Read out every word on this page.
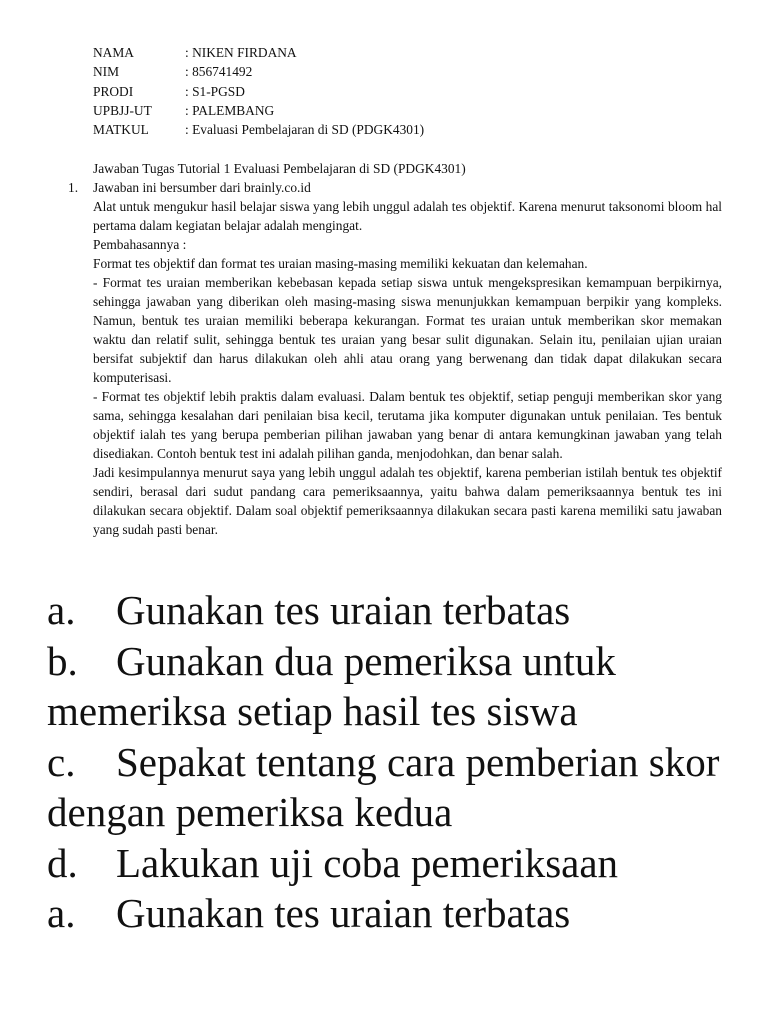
NAMA	: NIKEN FIRDANA
NIM	: 856741492
PRODI	: S1-PGSD
UPBJJ-UT	: PALEMBANG
MATKUL	: Evaluasi Pembelajaran di SD (PDGK4301)
Jawaban Tugas Tutorial 1 Evaluasi Pembelajaran di SD (PDGK4301)
1. Jawaban ini bersumber dari brainly.co.id

Alat untuk mengukur hasil belajar siswa yang lebih unggul adalah tes objektif. Karena menurut taksonomi bloom hal pertama dalam kegiatan belajar adalah mengingat.

Pembahasannya :

Format tes objektif dan format tes uraian masing-masing memiliki kekuatan dan kelemahan.

- Format tes uraian memberikan kebebasan kepada setiap siswa untuk mengekspresikan kemampuan berpikirnya, sehingga jawaban yang diberikan oleh masing-masing siswa menunjukkan kemampuan berpikir yang kompleks. Namun, bentuk tes uraian memiliki beberapa kekurangan. Format tes uraian untuk memberikan skor memakan waktu dan relatif sulit, sehingga bentuk tes uraian yang besar sulit digunakan. Selain itu, penilaian ujian uraian bersifat subjektif dan harus dilakukan oleh ahli atau orang yang berwenang dan tidak dapat dilakukan secara komputerisasi.

- Format tes objektif lebih praktis dalam evaluasi. Dalam bentuk tes objektif, setiap penguji memberikan skor yang sama, sehingga kesalahan dari penilaian bisa kecil, terutama jika komputer digunakan untuk penilaian. Tes bentuk objektif ialah tes yang berupa pemberian pilihan jawaban yang benar di antara kemungkinan jawaban yang telah disediakan. Contoh bentuk test ini adalah pilihan ganda, menjodohkan, dan benar salah.

Jadi kesimpulannya menurut saya yang lebih unggul adalah tes objektif, karena pemberian istilah bentuk tes objektif sendiri, berasal dari sudut pandang cara pemeriksaannya, yaitu bahwa dalam pemeriksaannya bentuk tes ini dilakukan secara objektif. Dalam soal objektif pemeriksaannya dilakukan secara pasti karena memiliki satu jawaban yang sudah pasti benar.

a. Gunakan tes uraian terbatas

b. Gunakan dua pemeriksa untuk memeriksa setiap hasil tes siswa

c. Sepakat tentang cara pemberian skor dengan pemeriksa kedua

d. Lakukan uji coba pemeriksaan

a. Gunakan tes uraian terbatas
